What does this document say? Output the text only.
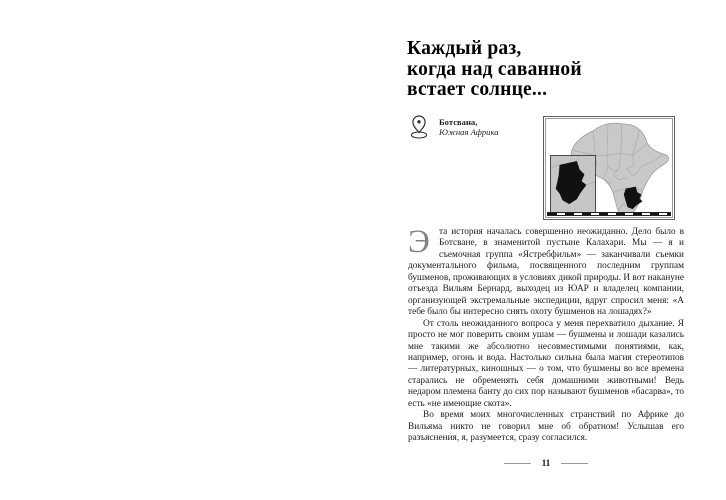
Каждый раз,
когда над саванной
встает солнце...
Ботсвана,
Южная Африка

Эта история началась совершенно неожиданно. Дело было в Ботсване, в знаменитой пустыне Калахари. Мы — я и съемочная группа «Ястребфильм» — заканчивали съемки документального фильма, посвященного последним группам бушменов, проживающих в условиях дикой природы. И вот накануне отъезда Вильям Бернард, выходец из ЮАР и владелец компании, организующей экстремальные экспедиции, вдруг спросил меня: «А тебе было бы интересно снять охоту бушменов на лошадях?»

От столь неожиданного вопроса у меня перехватило дыхание. Я просто не мог поверить своим ушам — бушмены и лошади казались мне такими же абсолютно несовместимыми понятиями, как, например, огонь и вода. Настолько сильна была магия стереотипов — литературных, киношных — о том, что бушмены во все времена старались не обременять себя домашними животными! Ведь недаром племена банту до сих пор называют бушменов «басарва», то есть «не имеющие скота».

Во время моих многочисленных странствий по Африке до Вильяма никто не говорил мне об обратном! Услышав его разъяснения, я, разумеется, сразу согласился.

11
